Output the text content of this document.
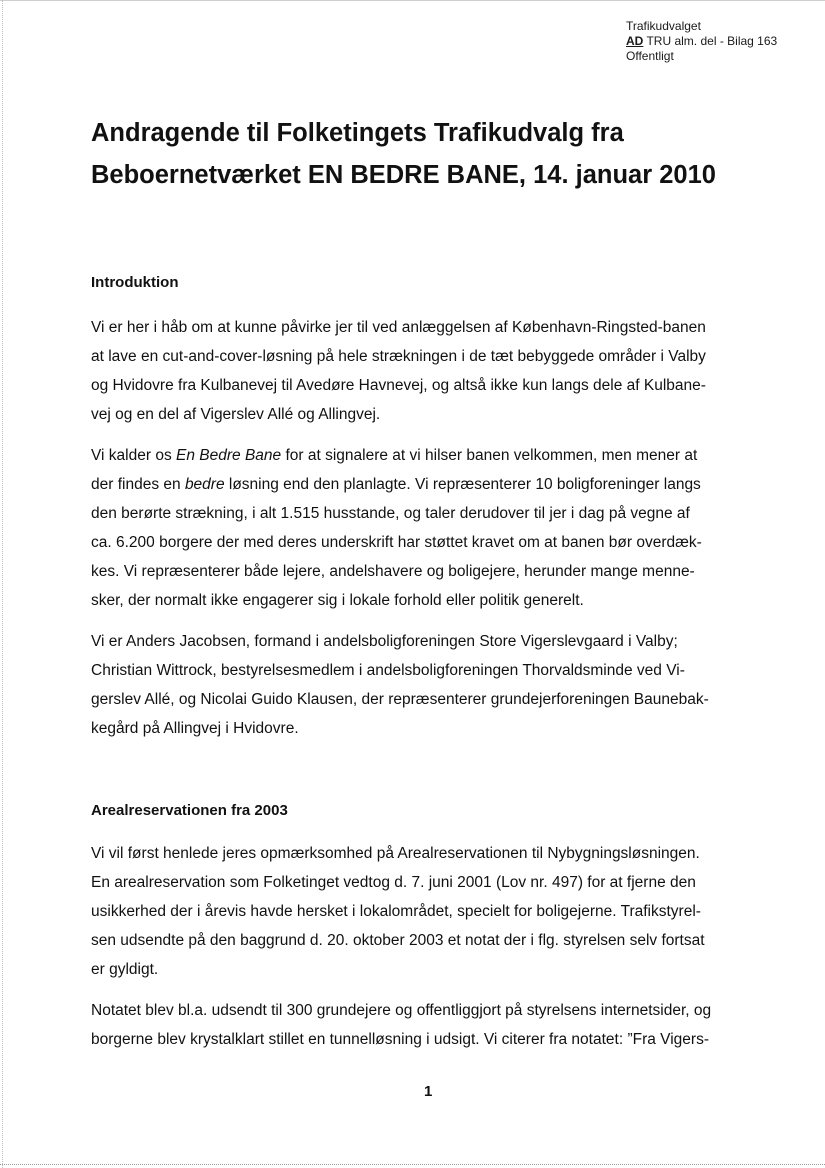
Trafikudvalget
AD TRU alm. del - Bilag 163
Offentligt
Andragende til Folketingets Trafikudvalg fra
Beboernetværket EN BEDRE BANE, 14. januar 2010
Introduktion

Vi er her i håb om at kunne påvirke jer til ved anlæggelsen af København-Ringsted-banen
at lave en cut-and-cover-løsning på hele strækningen i de tæt bebyggede områder i Valby
og Hvidovre fra Kulbanevej til Avedøre Havnevej, og altså ikke kun langs dele af Kulbane-
vej og en del af Vigerslev Allé og Allingvej.

Vi kalder os En Bedre Bane for at signalere at vi hilser banen velkommen, men mener at
der findes en bedre løsning end den planlagte. Vi repræsenterer 10 boligforeninger langs
den berørte strækning, i alt 1.515 husstande, og taler derudover til jer i dag på vegne af
ca. 6.200 borgere der med deres underskrift har støttet kravet om at banen bør overdæk-
kes. Vi repræsenterer både lejere, andelshavere og boligejere, herunder mange menne-
sker, der normalt ikke engagerer sig i lokale forhold eller politik generelt.

Vi er Anders Jacobsen, formand i andelsboligforeningen Store Vigerslevgaard i Valby;
Christian Wittrock, bestyrelsesmedlem i andelsboligforeningen Thorvaldsminde ved Vi-
gerslev Allé, og Nicolai Guido Klausen, der repræsenterer grundejerforeningen Baunebak-
kegård på Allingvej i Hvidovre.

Arealreservationen fra 2003

Vi vil først henlede jeres opmærksomhed på Arealreservationen til Nybygningsløsningen.
En arealreservation som Folketinget vedtog d. 7. juni 2001 (Lov nr. 497) for at fjerne den
usikkerhed der i årevis havde hersket i lokalområdet, specielt for boligejerne. Trafikstyrel-
sen udsendte på den baggrund d. 20. oktober 2003 et notat der i flg. styrelsen selv fortsat
er gyldigt.

Notatet blev bl.a. udsendt til 300 grundejere og offentliggjort på styrelsens internetsider, og
borgerne blev krystalklart stillet en tunnelløsning i udsigt. Vi citerer fra notatet: ”Fra Vigers-

1
